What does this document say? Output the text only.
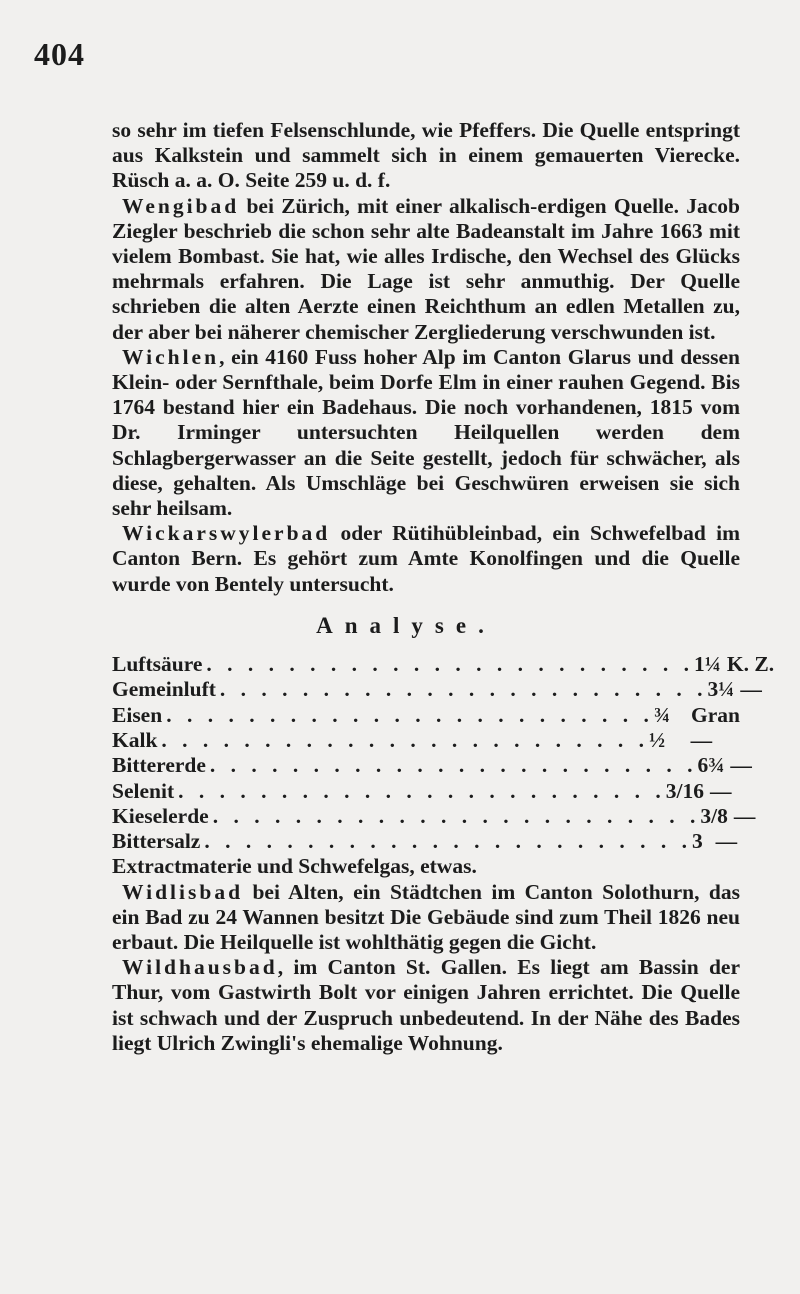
404

so sehr im tiefen Felsenschlunde, wie Pfeffers. Die Quelle entspringt aus Kalkstein und sammelt sich in einem gemauerten Vierecke. Rüsch a. a. O. Seite 259 u. d. f.

Wengibad bei Zürich, mit einer alkalisch-erdigen Quelle. Jacob Ziegler beschrieb die schon sehr alte Badeanstalt im Jahre 1663 mit vielem Bombast. Sie hat, wie alles Irdische, den Wechsel des Glücks mehrmals erfahren. Die Lage ist sehr anmuthig. Der Quelle schrieben die alten Aerzte einen Reichthum an edlen Metallen zu, der aber bei näherer chemischer Zergliederung verschwunden ist.

Wichlen, ein 4160 Fuss hoher Alp im Canton Glarus und dessen Klein- oder Sernfthale, beim Dorfe Elm in einer rauhen Gegend. Bis 1764 bestand hier ein Badehaus. Die noch vorhandenen, 1815 vom Dr. Irminger untersuchten Heilquellen werden dem Schlagbergerwasser an die Seite gestellt, jedoch für schwächer, als diese, gehalten. Als Umschläge bei Geschwüren erweisen sie sich sehr heilsam.

Wickarswylerbad oder Rütihübleinbad, ein Schwefelbad im Canton Bern. Es gehört zum Amte Konolfingen und die Quelle wurde von Bentely untersucht.

Analyse.
Luftsäure . . . . . . . . . . . . . . . . . . . . . . . . 1¼ K. Z.
Gemeinluft . . . . . . . . . . . . . . . . . . . . . . . . 3¼ —
Eisen . . . . . . . . . . . . . . . . . . . . . . . . ¾ Gran
Kalk . . . . . . . . . . . . . . . . . . . . . . . . ½	—
Bittererde . . . . . . . . . . . . . . . . . . . . . . . . 6¾ —
Selenit . . . . . . . . . . . . . . . . . . . . . . . . 3/16 —
Kieselerde . . . . . . . . . . . . . . . . . . . . . . . . 3/8 —
Bittersalz . . . . . . . . . . . . . . . . . . . . . . . . 3 —

Extractmaterie und Schwefelgas, etwas.

Widlisbad bei Alten, ein Städtchen im Canton Solothurn, das ein Bad zu 24 Wannen besitzt Die Gebäude sind zum Theil 1826 neu erbaut. Die Heilquelle ist wohlthätig gegen die Gicht.

Wildhausbad, im Canton St. Gallen. Es liegt am Bassin der Thur, vom Gastwirth Bolt vor einigen Jahren errichtet. Die Quelle ist schwach und der Zuspruch unbedeutend. In der Nähe des Bades liegt Ulrich Zwingli's ehemalige Wohnung.
